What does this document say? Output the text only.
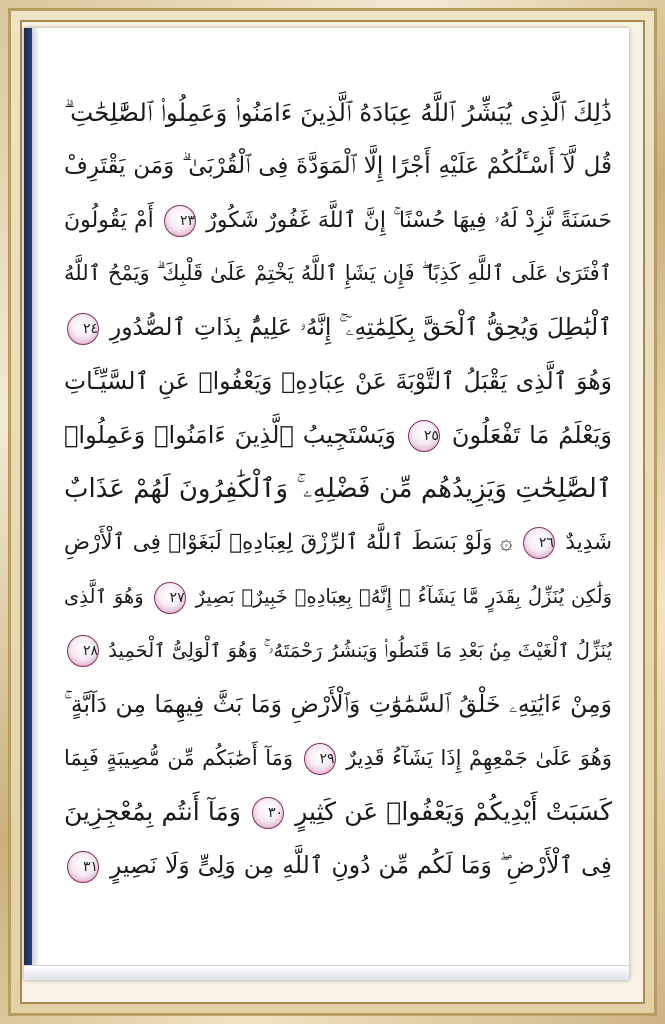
ذَٰلِكَ ٱلَّذِى يُبَشِّرُ ٱللَّهُ عِبَادَهُ ٱلَّذِينَ ءَامَنُوا۟ وَعَمِلُوا۟ ٱلصَّٰلِحَٰتِ ۗ
قُل لَّآ أَسْـَٔلُكُمْ عَلَيْهِ أَجْرًا إِلَّا ٱلْمَوَدَّةَ فِى ٱلْقُرْبَىٰ ۗ وَمَن يَقْتَرِفْ
حَسَنَةً نَّزِدْ لَهُۥ فِيهَا حُسْنًا ۚ إِنَّ ٱللَّهَ غَفُورٌ شَكُورٌ ٢٣ أَمْ يَقُولُونَ
ٱفْتَرَىٰ عَلَى ٱللَّهِ كَذِبًا ۖ فَإِن يَشَإِ ٱللَّهُ يَخْتِمْ عَلَىٰ قَلْبِكَ ۗ وَيَمْحُ ٱللَّهُ
ٱلْبَٰطِلَ وَيُحِقُّ ٱلْحَقَّ بِكَلِمَٰتِهِۦٓ ۚ إِنَّهُۥ عَلِيمٌۢ بِذَاتِ ٱلصُّدُورِ ٢٤
وَهُوَ ٱلَّذِى يَقْبَلُ ٱلتَّوْبَةَ عَنْ عِبَادِهِۦ وَيَعْفُوا۟ عَنِ ٱلسَّيِّـَٔاتِ
وَيَعْلَمُ مَا تَفْعَلُونَ ٢٥ وَيَسْتَجِيبُ ٱلَّذِينَ ءَامَنُوا۟ وَعَمِلُوا۟
ٱلصَّٰلِحَٰتِ وَيَزِيدُهُم مِّن فَضْلِهِۦ ۚ وَٱلْكَٰفِرُونَ لَهُمْ عَذَابٌ
شَدِيدٌ ٢٦ ۞ وَلَوْ بَسَطَ ٱللَّهُ ٱلرِّزْقَ لِعِبَادِهِۦ لَبَغَوْا۟ فِى ٱلْأَرْضِ
وَلَٰكِن يُنَزِّلُ بِقَدَرٍ مَّا يَشَآءُ ۚ إِنَّهُۥ بِعِبَادِهِۦ خَبِيرٌۢ بَصِيرٌ ٢٧ وَهُوَ ٱلَّذِى
يُنَزِّلُ ٱلْغَيْثَ مِنۢ بَعْدِ مَا قَنَطُوا۟ وَيَنشُرُ رَحْمَتَهُۥ ۚ وَهُوَ ٱلْوَلِىُّ ٱلْحَمِيدُ ٢٨
وَمِنْ ءَايَٰتِهِۦ خَلْقُ ٱلسَّمَٰوَٰتِ وَٱلْأَرْضِ وَمَا بَثَّ فِيهِمَا مِن دَآبَّةٍ ۚ
وَهُوَ عَلَىٰ جَمْعِهِمْ إِذَا يَشَآءُ قَدِيرٌ ٢٩ وَمَآ أَصَٰبَكُم مِّن مُّصِيبَةٍ فَبِمَا
كَسَبَتْ أَيْدِيكُمْ وَيَعْفُوا۟ عَن كَثِيرٍ ٣٠ وَمَآ أَنتُم بِمُعْجِزِينَ
فِى ٱلْأَرْضِ ۖ وَمَا لَكُم مِّن دُونِ ٱللَّهِ مِن وَلِىٍّ وَلَا نَصِيرٍ ٣١
